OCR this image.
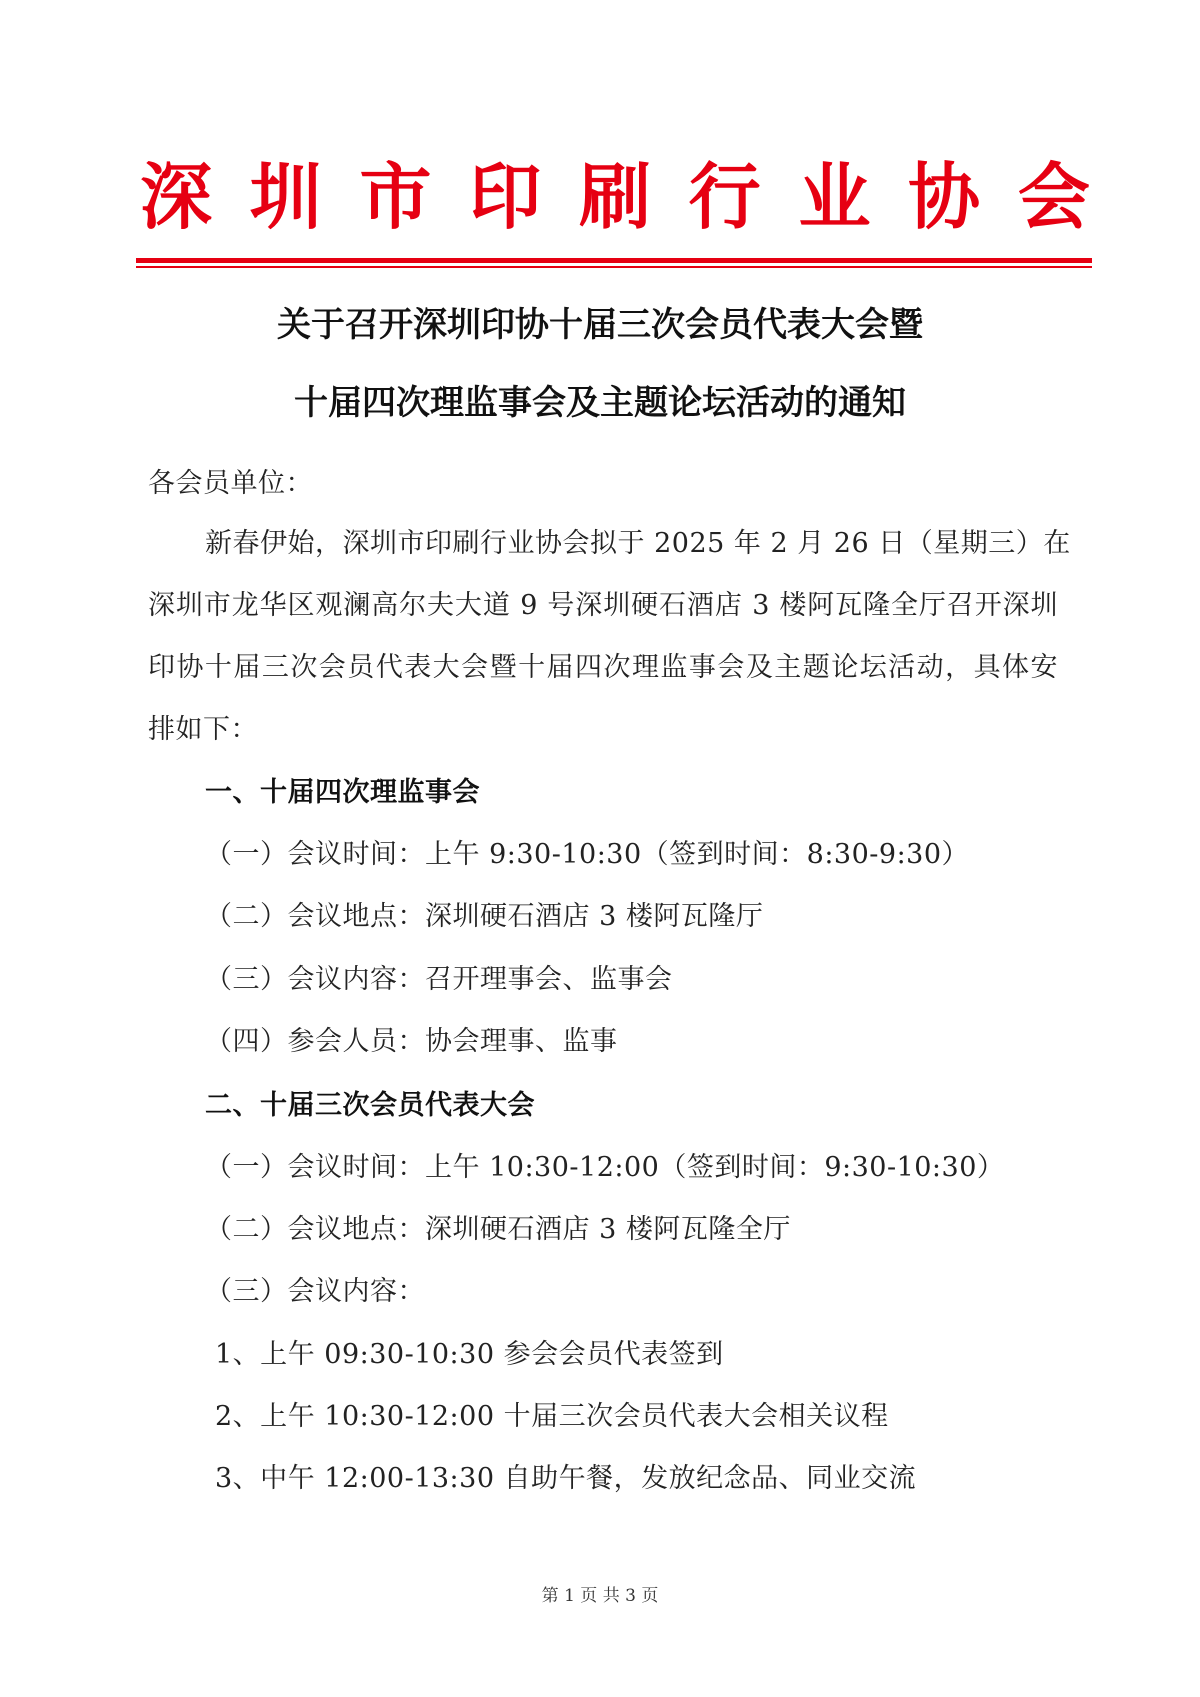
深 圳 市 印 刷 行 业 协 会
关于召开深圳印协十届三次会员代表大会暨
十届四次理监事会及主题论坛活动的通知
各会员单位：
新春伊始，深圳市印刷行业协会拟于 2025 年 2 月 26 日（星期三）在
深圳市龙华区观澜高尔夫大道 9 号深圳硬石酒店 3 楼阿瓦隆全厅召开深圳
印协十届三次会员代表大会暨十届四次理监事会及主题论坛活动，具体安
排如下：
一、十届四次理监事会
（一）会议时间：上午 9:30-10:30（签到时间：8:30-9:30）
（二）会议地点：深圳硬石酒店 3 楼阿瓦隆厅
（三）会议内容：召开理事会、监事会
（四）参会人员：协会理事、监事
二、十届三次会员代表大会
（一）会议时间：上午 10:30-12:00（签到时间：9:30-10:30）
（二）会议地点：深圳硬石酒店 3 楼阿瓦隆全厅
（三）会议内容：
1、上午 09:30-10:30 参会会员代表签到
2、上午 10:30-12:00 十届三次会员代表大会相关议程
3、中午 12:00-13:30 自助午餐，发放纪念品、同业交流
第 1 页 共 3 页
